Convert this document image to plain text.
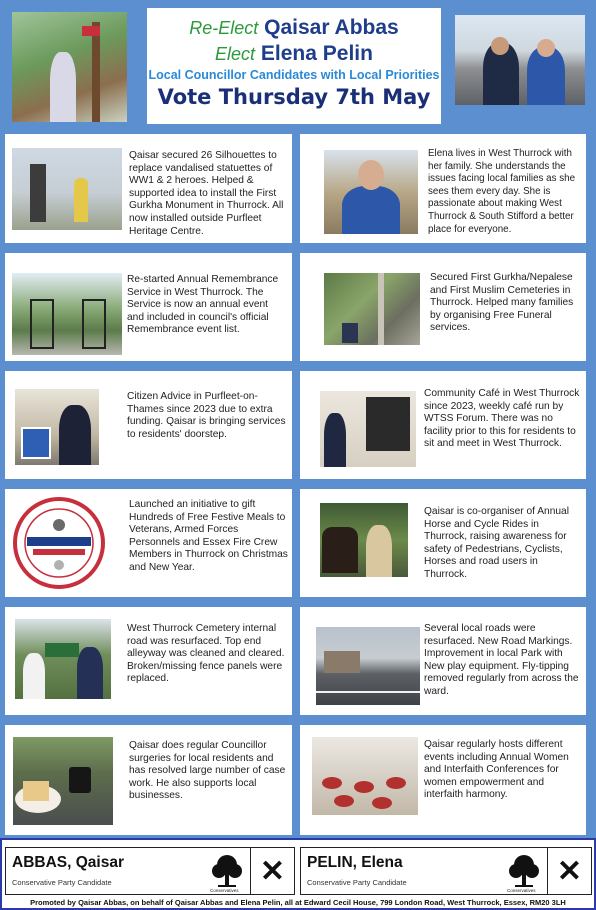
Re-Elect Qaisar Abbas
Elect Elena Pelin
Local Councillor Candidates with Local Priorities
Vote Thursday 7th May
Qaisar secured 26 Silhouettes to replace vandalised statuettes of WW1 & 2 heroes. Helped & supported idea to install the First Gurkha Monument in Thurrock. All now installed outside Purfleet Heritage Centre.
Re-started Annual Remembrance Service in West Thurrock. The Service is now an annual event and included in council's official Remembrance event list.
Citizen Advice in Purfleet-on-Thames since 2023 due to extra funding. Qaisar is bringing services to residents' doorstep.
Launched an initiative to gift Hundreds of Free Festive Meals to Veterans, Armed Forces Personnels and Essex Fire Crew Members in Thurrock on Christmas and New Year.
West Thurrock Cemetery internal road was resurfaced. Top end alleyway was cleaned and cleared. Broken/missing fence panels were replaced.
Qaisar does regular Councillor surgeries for local residents and has resolved large number of case work. He also supports local businesses.
Elena lives in West Thurrock with her family. She understands the issues facing local families as she sees them every day. She is passionate about making West Thurrock & South Stifford a better place for everyone.
Secured First Gurkha/Nepalese and First Muslim Cemeteries in Thurrock. Helped many families by organising Free Funeral services.
Community Café in West Thurrock since 2023, weekly café run by WTSS Forum. There was no facility prior to this for residents to sit and meet in West Thurrock.
Qaisar is co-organiser of Annual Horse and Cycle Rides in Thurrock, raising awareness for safety of Pedestrians, Cyclists, Horses and road users in Thurrock.
Several local roads were resurfaced. New Road Markings. Improvement in local Park with New play equipment. Fly-tipping removed regularly from across the ward.
Qaisar regularly hosts different events including Annual Women and Interfaith Conferences for women empowerment and interfaith harmony.
ABBAS, Qaisar
Conservative Party Candidate
Conservatives
✕	PELIN, Elena
Conservative Party Candidate
Conservatives
✕
Promoted by Qaisar Abbas, on behalf of Qaisar Abbas and Elena Pelin, all at Edward Cecil House, 799 London Road, West Thurrock, Essex, RM20 3LH
